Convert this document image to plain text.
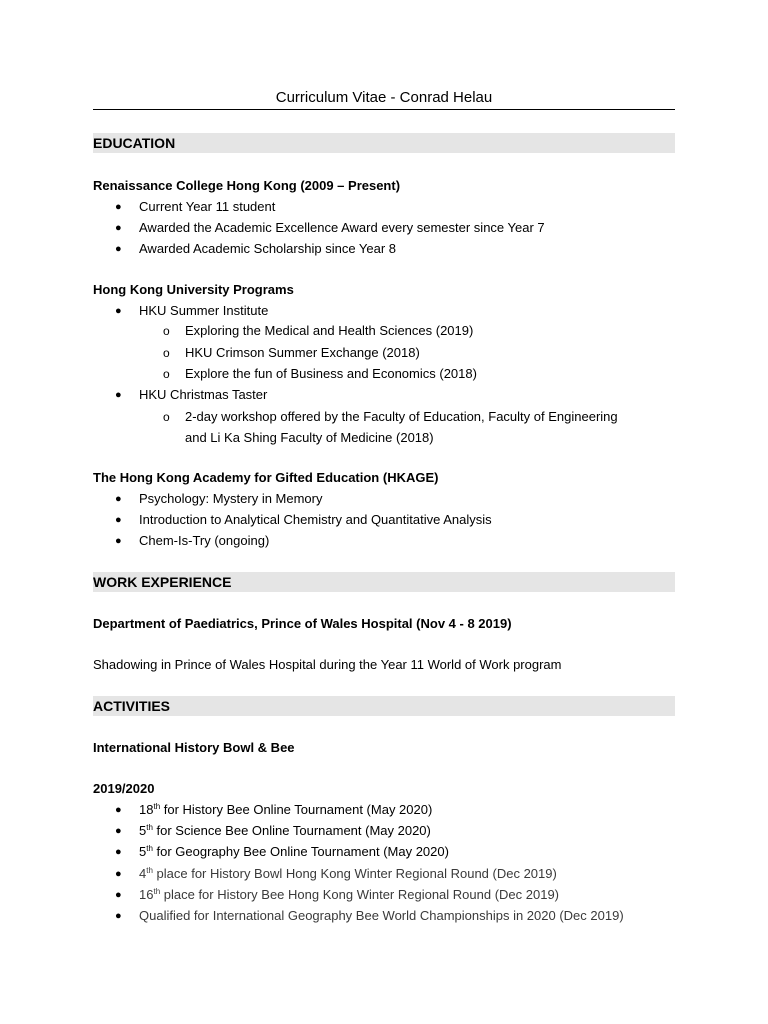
Curriculum Vitae - Conrad Helau
EDUCATION
Renaissance College Hong Kong (2009 – Present)
● Current Year 11 student
● Awarded the Academic Excellence Award every semester since Year 7
● Awarded Academic Scholarship since Year 8
Hong Kong University Programs
● HKU Summer Institute
o Exploring the Medical and Health Sciences (2019)
o HKU Crimson Summer Exchange (2018)
o Explore the fun of Business and Economics (2018)
● HKU Christmas Taster
o 2-day workshop offered by the Faculty of Education, Faculty of Engineering
and Li Ka Shing Faculty of Medicine (2018)
The Hong Kong Academy for Gifted Education (HKAGE)
● Psychology: Mystery in Memory
● Introduction to Analytical Chemistry and Quantitative Analysis
● Chem-Is-Try (ongoing)
WORK EXPERIENCE
Department of Paediatrics, Prince of Wales Hospital (Nov 4 - 8 2019)
Shadowing in Prince of Wales Hospital during the Year 11 World of Work program
ACTIVITIES
International History Bowl & Bee
2019/2020
● 18th for History Bee Online Tournament (May 2020)
● 5th for Science Bee Online Tournament (May 2020)
● 5th for Geography Bee Online Tournament (May 2020)
● 4th place for History Bowl Hong Kong Winter Regional Round (Dec 2019)
● 16th place for History Bee Hong Kong Winter Regional Round (Dec 2019)
● Qualified for International Geography Bee World Championships in 2020 (Dec 2019)
